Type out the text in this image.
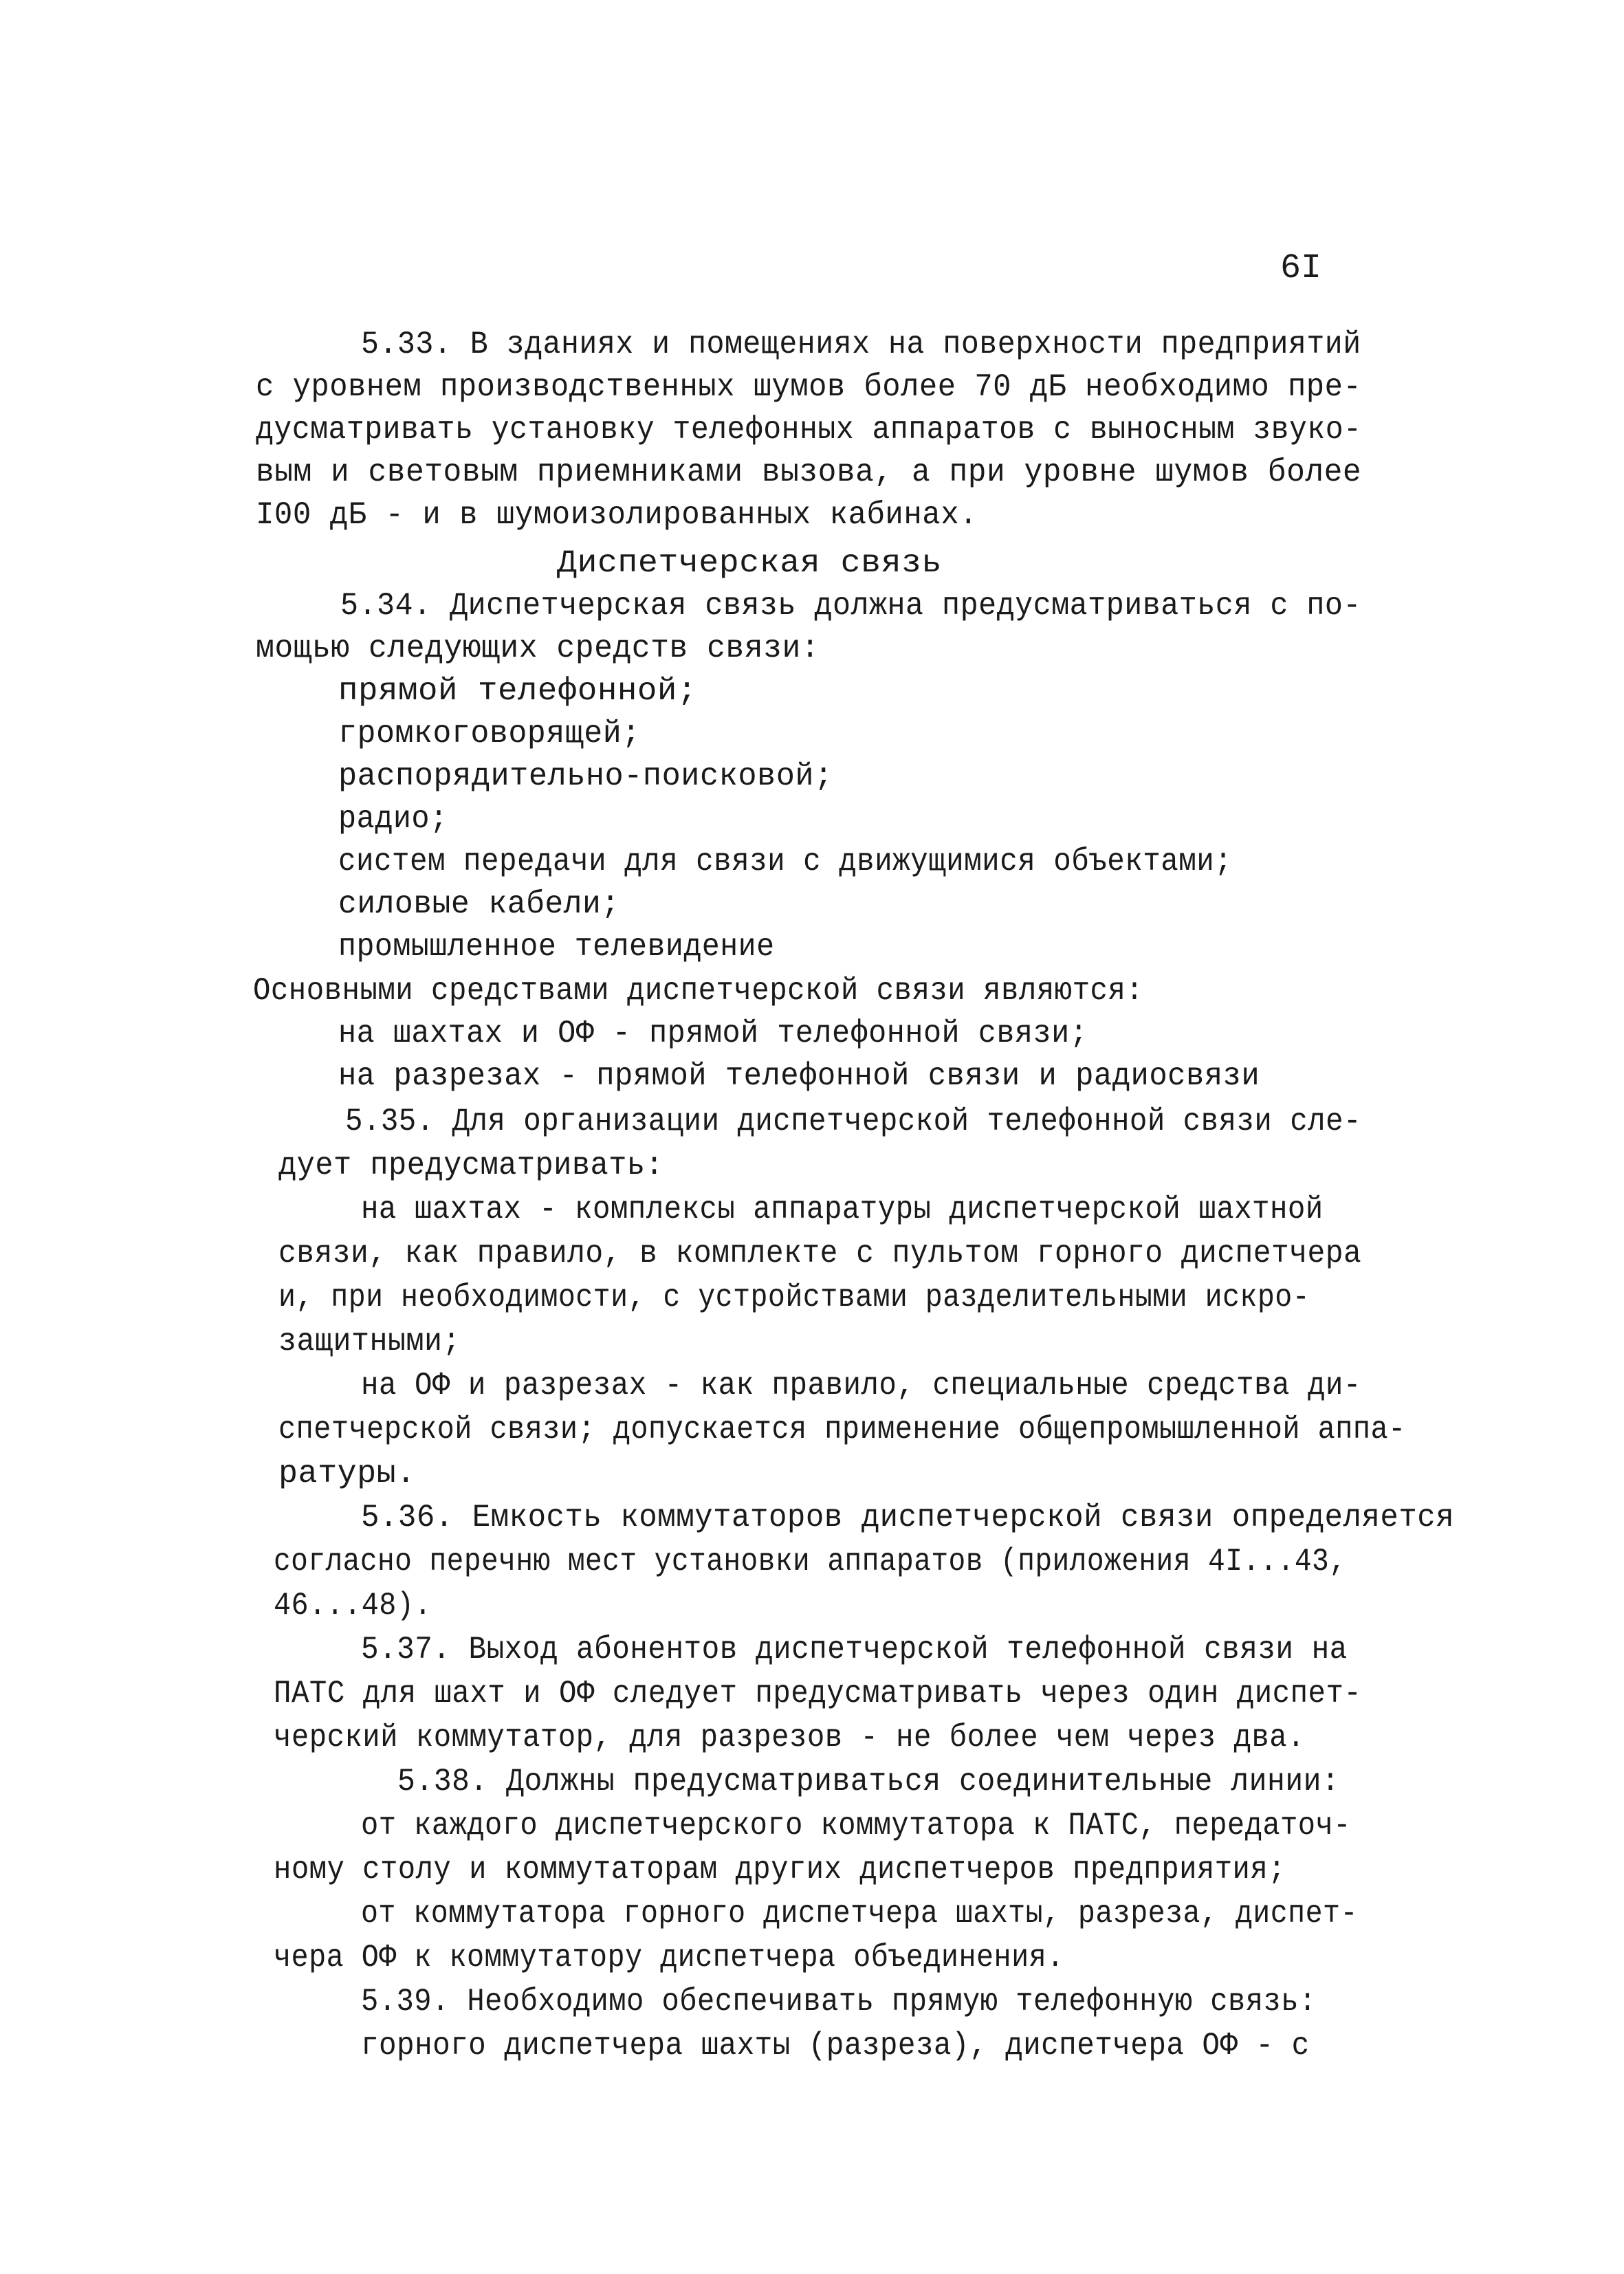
6I
5.33. В зданиях и помещениях на поверхности предприятий
с уровнем производственных шумов более 70 дБ необходимо пре-
дусматривать установку телефонных аппаратов с выносным звуко-
вым и световым приемниками вызова, а при уровне шумов более
I00 дБ - и в шумоизолированных кабинах.
Диспетчерская связь
5.34. Диспетчерская связь должна предусматриваться с по-
мощью следующих средств связи:
прямой телефонной;
громкоговорящей;
распорядительно-поисковой;
радио;
систем передачи для связи с движущимися объектами;
силовые кабели;
промышленное телевидение
Основными средствами диспетчерской связи являются:
на шахтах и ОФ - прямой телефонной связи;
на разрезах - прямой телефонной связи и радиосвязи
5.35. Для организации диспетчерской телефонной связи сле-
дует предусматривать:
на шахтах - комплексы аппаратуры диспетчерской шахтной
связи, как правило, в комплекте с пультом горного диспетчера
и, при необходимости, с устройствами разделительными искро-
защитными;
на ОФ и разрезах - как правило, специальные средства ди-
спетчерской связи; допускается применение общепромышленной аппа-
ратуры.
5.36. Емкость коммутаторов диспетчерской связи определяется
согласно перечню мест установки аппаратов (приложения 4I...43,
46...48).
5.37. Выход абонентов диспетчерской телефонной связи на
ПАТС для шахт и ОФ следует предусматривать через один диспет-
черский коммутатор, для разрезов - не более чем через два.
5.38. Должны предусматриваться соединительные линии:
от каждого диспетчерского коммутатора к ПАТС, передаточ-
ному столу и коммутаторам других диспетчеров предприятия;
от коммутатора горного диспетчера шахты, разреза, диспет-
чера ОФ к коммутатору диспетчера объединения.
5.39. Необходимо обеспечивать прямую телефонную связь:
горного диспетчера шахты (разреза), диспетчера ОФ - с
